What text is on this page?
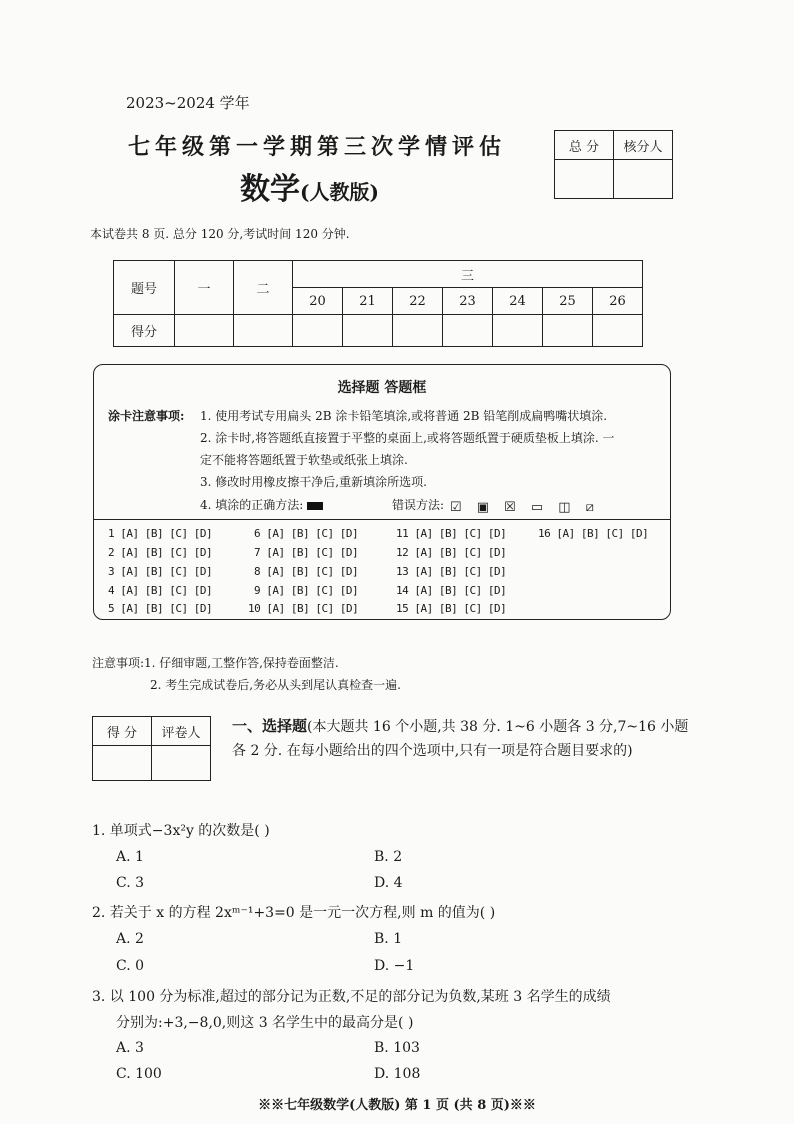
2023~2024 学年
七年级第一学期第三次学情评估
数学(人教版)
总 分	核分人

本试卷共 8 页. 总分 120 分,考试时间 120 分钟.
题号	一	二	三						
			20	21	22	23	24	25	26
得分									
选择题 答题框
涂卡注意事项: 1. 使用考试专用扁头 2B 涂卡铅笔填涂,或将普通 2B 铅笔削成扁鸭嘴状填涂.
2. 涂卡时,将答题纸直接置于平整的桌面上,或将答题纸置于硬质垫板上填涂. 一
定不能将答题纸置于软垫或纸张上填涂.
3. 修改时用橡皮擦干净后,重新填涂所选项.
4. 填涂的正确方法:	错误方法: ☑ ▣ ☒ ▭ ◫ ⧄
1 [A] [B] [C] [D]	6 [A] [B] [C] [D]	11 [A] [B] [C] [D]	16 [A] [B] [C] [D]
2 [A] [B] [C] [D]	7 [A] [B] [C] [D]	12 [A] [B] [C] [D]
3 [A] [B] [C] [D]	8 [A] [B] [C] [D]	13 [A] [B] [C] [D]
4 [A] [B] [C] [D]	9 [A] [B] [C] [D]	14 [A] [B] [C] [D]
5 [A] [B] [C] [D]	10 [A] [B] [C] [D]	15 [A] [B] [C] [D]
注意事项:1. 仔细审题,工整作答,保持卷面整洁.
2. 考生完成试卷后,务必从头到尾认真检查一遍.
得 分	评卷人
	一、选择题(本大题共 16 个小题,共 38 分. 1~6 小题各 3 分,7~16 小题各 2 分. 在每小题给出的四个选项中,只有一项是符合题目要求的)
1. 单项式−3x²y 的次数是( )
A. 1	B. 2
C. 3	D. 4
2. 若关于 x 的方程 2xᵐ⁻¹+3=0 是一元一次方程,则 m 的值为( )
A. 2	B. 1
C. 0	D. −1
3. 以 100 分为标准,超过的部分记为正数,不足的部分记为负数,某班 3 名学生的成绩
分别为:+3,−8,0,则这 3 名学生中的最高分是( )
A. 3	B. 103
C. 100	D. 108
※※七年级数学(人教版) 第 1 页 (共 8 页)※※
